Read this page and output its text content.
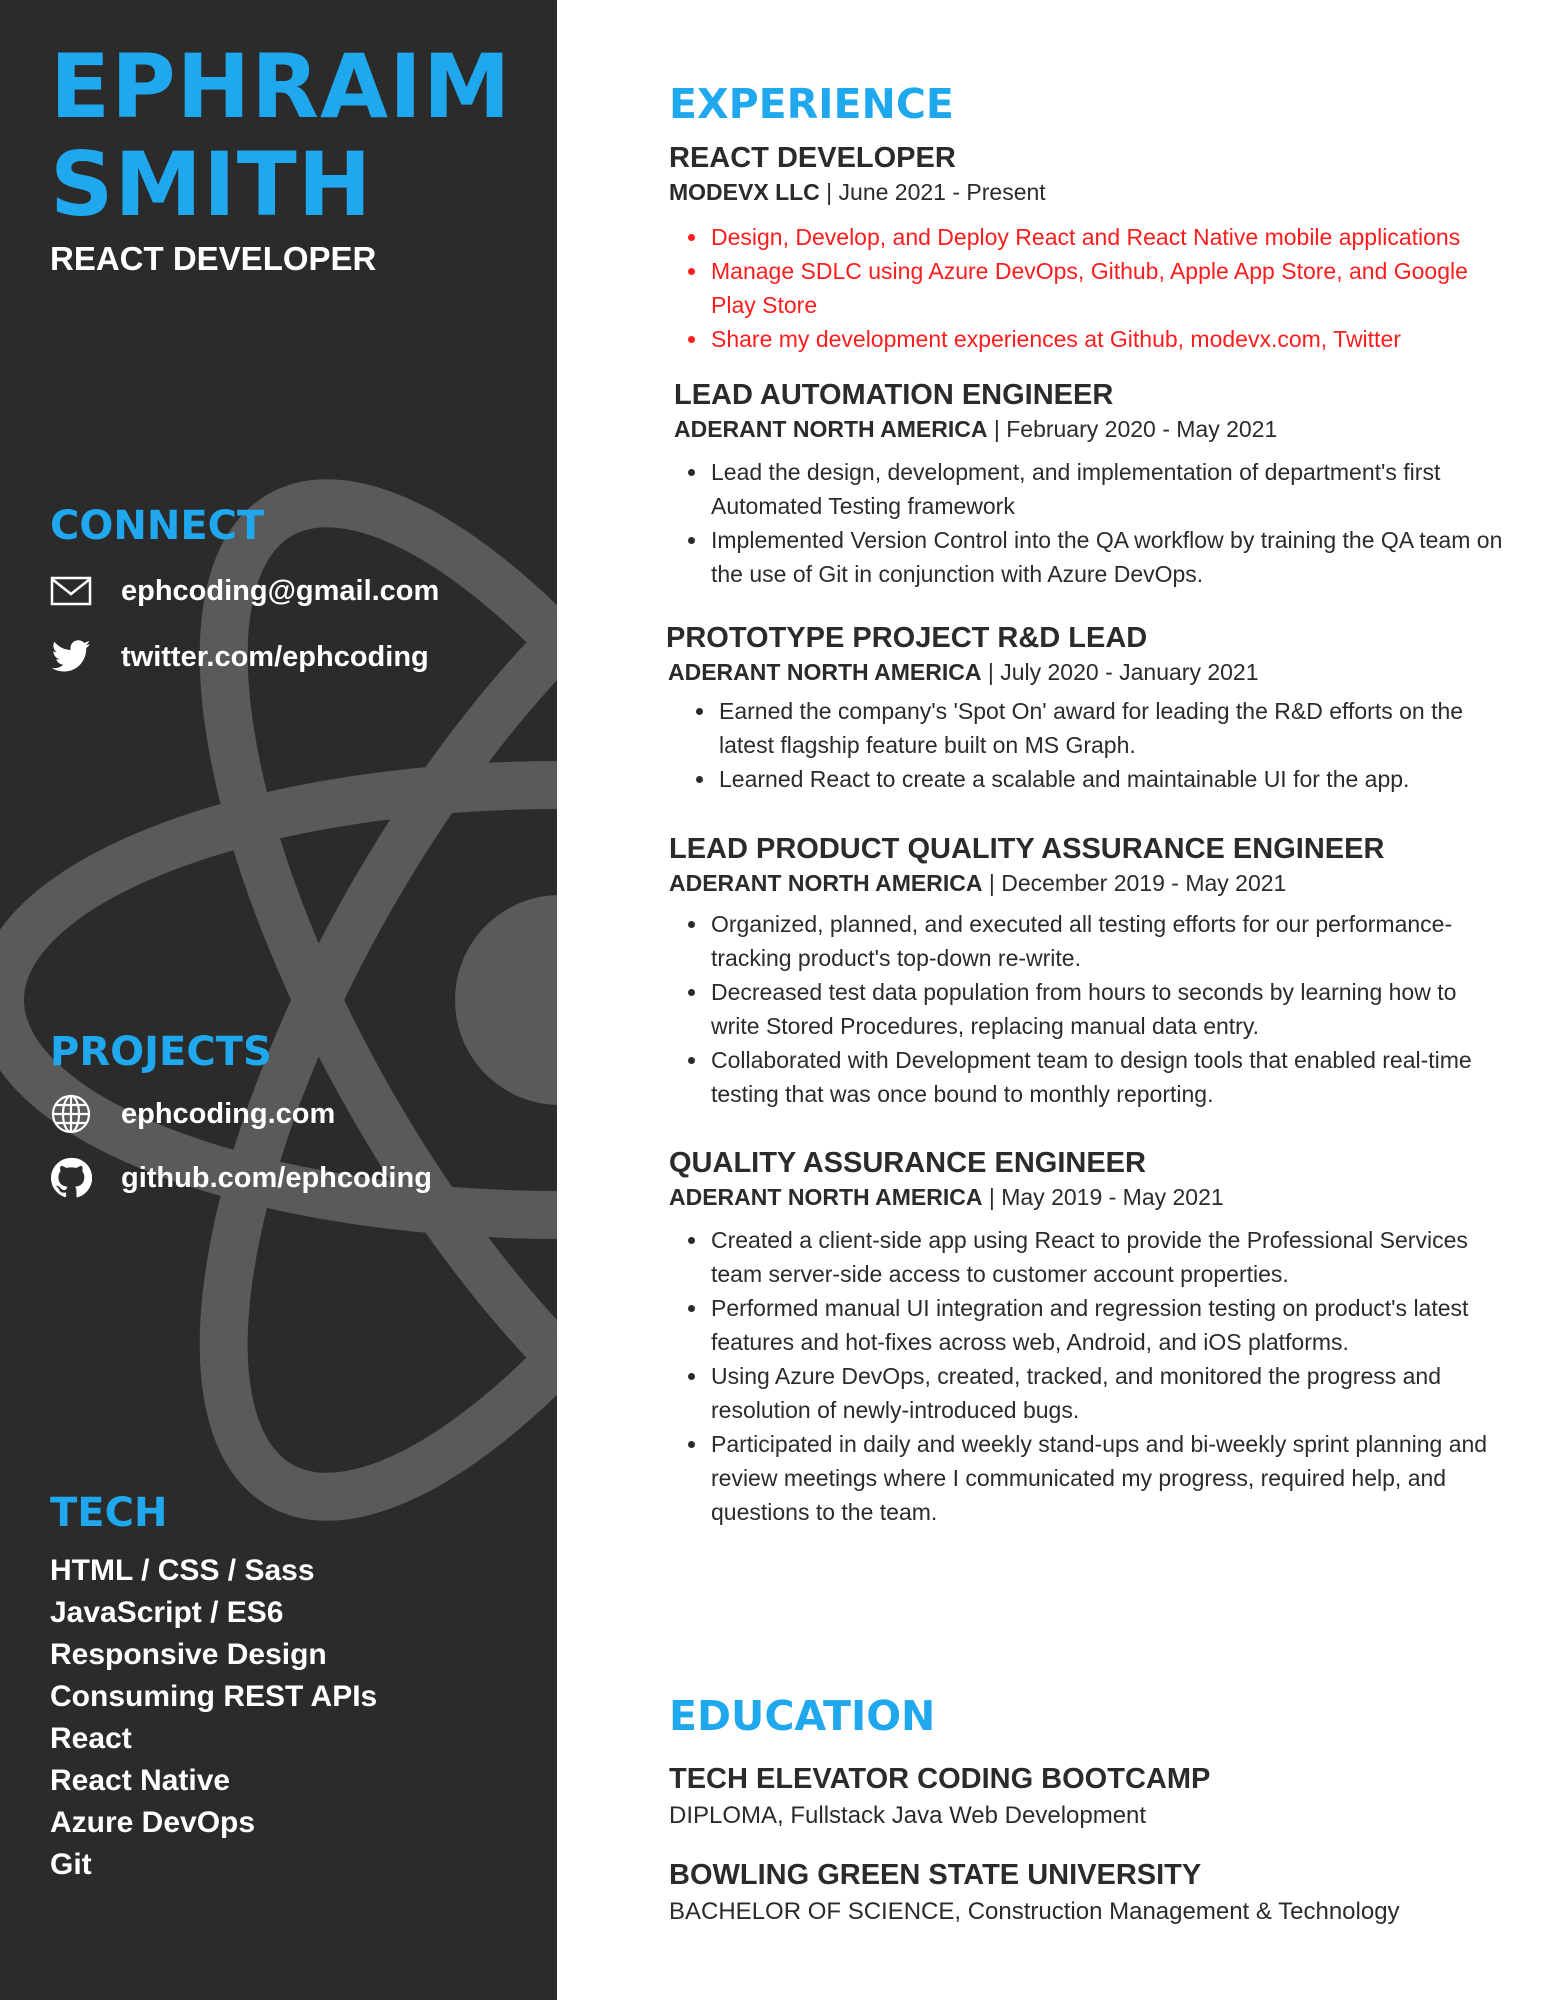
EPHRAIM
SMITH
REACT DEVELOPER
CONNECT
ephcoding@gmail.com
twitter.com/ephcoding
PROJECTS
ephcoding.com
github.com/ephcoding
TECH
HTML / CSS / Sass
JavaScript / ES6
Responsive Design
Consuming REST APIs
React
React Native
Azure DevOps
Git
EXPERIENCE
REACT DEVELOPER
MODEVX LLC | June 2021 - Present
• Design, Develop, and Deploy React and React Native mobile applications
• Manage SDLC using Azure DevOps, Github, Apple App Store, and Google Play Store
• Share my development experiences at Github, modevx.com, Twitter
LEAD AUTOMATION ENGINEER
ADERANT NORTH AMERICA | February 2020 - May 2021
• Lead the design, development, and implementation of department's first Automated Testing framework
• Implemented Version Control into the QA workflow by training the QA team on the use of Git in conjunction with Azure DevOps.
PROTOTYPE PROJECT R&D LEAD
ADERANT NORTH AMERICA | July 2020 - January 2021
• Earned the company's 'Spot On' award for leading the R&D efforts on the latest flagship feature built on MS Graph.
• Learned React to create a scalable and maintainable UI for the app.
LEAD PRODUCT QUALITY ASSURANCE ENGINEER
ADERANT NORTH AMERICA | December 2019 - May 2021
• Organized, planned, and executed all testing efforts for our performance-tracking product's top-down re-write.
• Decreased test data population from hours to seconds by learning how to write Stored Procedures, replacing manual data entry.
• Collaborated with Development team to design tools that enabled real-time testing that was once bound to monthly reporting.
QUALITY ASSURANCE ENGINEER
ADERANT NORTH AMERICA | May 2019 - May 2021
• Created a client-side app using React to provide the Professional Services team server-side access to customer account properties.
• Performed manual UI integration and regression testing on product's latest features and hot-fixes across web, Android, and iOS platforms.
• Using Azure DevOps, created, tracked, and monitored the progress and resolution of newly-introduced bugs.
• Participated in daily and weekly stand-ups and bi-weekly sprint planning and review meetings where I communicated my progress, required help, and questions to the team.
EDUCATION
TECH ELEVATOR CODING BOOTCAMP
DIPLOMA, Fullstack Java Web Development
BOWLING GREEN STATE UNIVERSITY
BACHELOR OF SCIENCE, Construction Management & Technology
